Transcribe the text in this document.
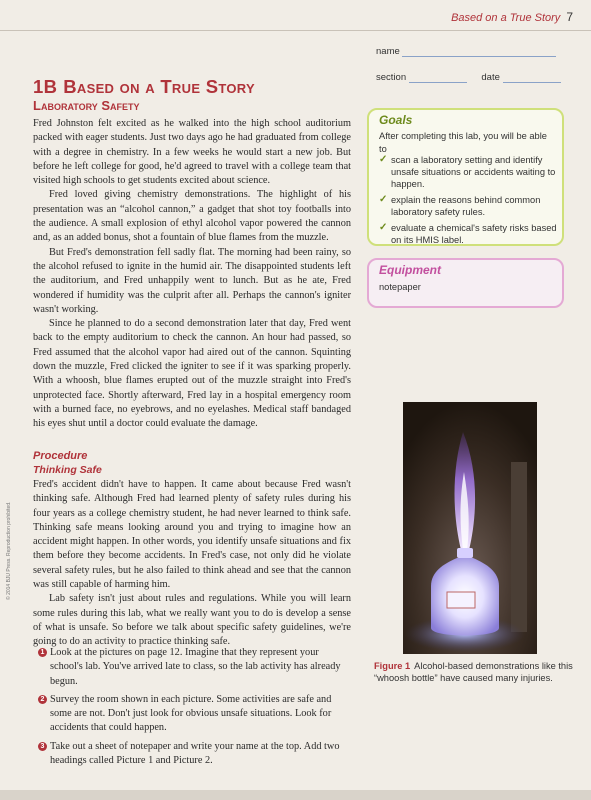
Based on a True Story 7
© 2014 BJU Press. Reproduction prohibited.
name
section	date
1B Based on a True Story
Laboratory Safety

Fred Johnston felt excited as he walked into the high school auditorium packed with eager students. Just two days ago he had graduated from college with a degree in chemistry. In a few weeks he would start a new job. But before he left college for good, he'd agreed to travel with a college team that visited high schools to get students excited about science.

Fred loved giving chemistry demonstrations. The highlight of his presentation was an “alcohol cannon,” a gadget that shot toy footballs into the audience. A small explosion of ethyl alcohol vapor powered the cannon and, as an added bonus, shot a fountain of blue flames from the muzzle.

But Fred's demonstration fell sadly flat. The morning had been rainy, so the alcohol refused to ignite in the humid air. The disappointed students left the auditorium, and Fred unhappily went to lunch. But as he ate, Fred wondered if humidity was the culprit after all. Perhaps the cannon's igniter wasn't working.

Since he planned to do a second demonstration later that day, Fred went back to the empty auditorium to check the cannon. An hour had passed, so Fred assumed that the alcohol vapor had aired out of the cannon. Squinting down the muzzle, Fred clicked the igniter to see if it was sparking properly. With a whoosh, blue flames erupted out of the muzzle straight into Fred's unprotected face. Shortly afterward, Fred lay in a hospital emergency room with a burned face, no eyebrows, and no eyelashes. Medical staff bandaged his eyes shut until a doctor could evaluate the damage.

Procedure
Thinking Safe

Fred's accident didn't have to happen. It came about because Fred wasn't thinking safe. Although Fred had learned plenty of safety rules during his four years as a college chemistry student, he had never learned to think safe. Thinking safe means looking around you and trying to imagine how an accident might happen. In other words, you identify unsafe situations and fix them before they become accidents. In Fred's case, not only did he violate several safety rules, but he also failed to think ahead and see that the cannon was still capable of harming him.

Lab safety isn't just about rules and regulations. While you will learn some rules during this lab, what we really want you to do is develop a sense of what is unsafe. So before we talk about specific safety guidelines, we're going to do an activity to practice thinking safe.

1 Look at the pictures on page 12. Imagine that they represent your school's lab. You've arrived late to class, so the lab activity has already begun.
2 Survey the room shown in each picture. Some activities are safe and some are not. Don't just look for obvious unsafe situations. Look for accidents that could happen.
3 Take out a sheet of notepaper and write your name at the top. Add two headings called Picture 1 and Picture 2.
Goals
After completing this lab, you will be able to
✓ scan a laboratory setting and identify unsafe situations or accidents waiting to happen.
✓ explain the reasons behind common laboratory safety rules.
✓ evaluate a chemical's safety risks based on its HMIS label.
Equipment
notepaper

Figure 1 Alcohol-based demonstrations like this “whoosh bottle” have caused many injuries.
